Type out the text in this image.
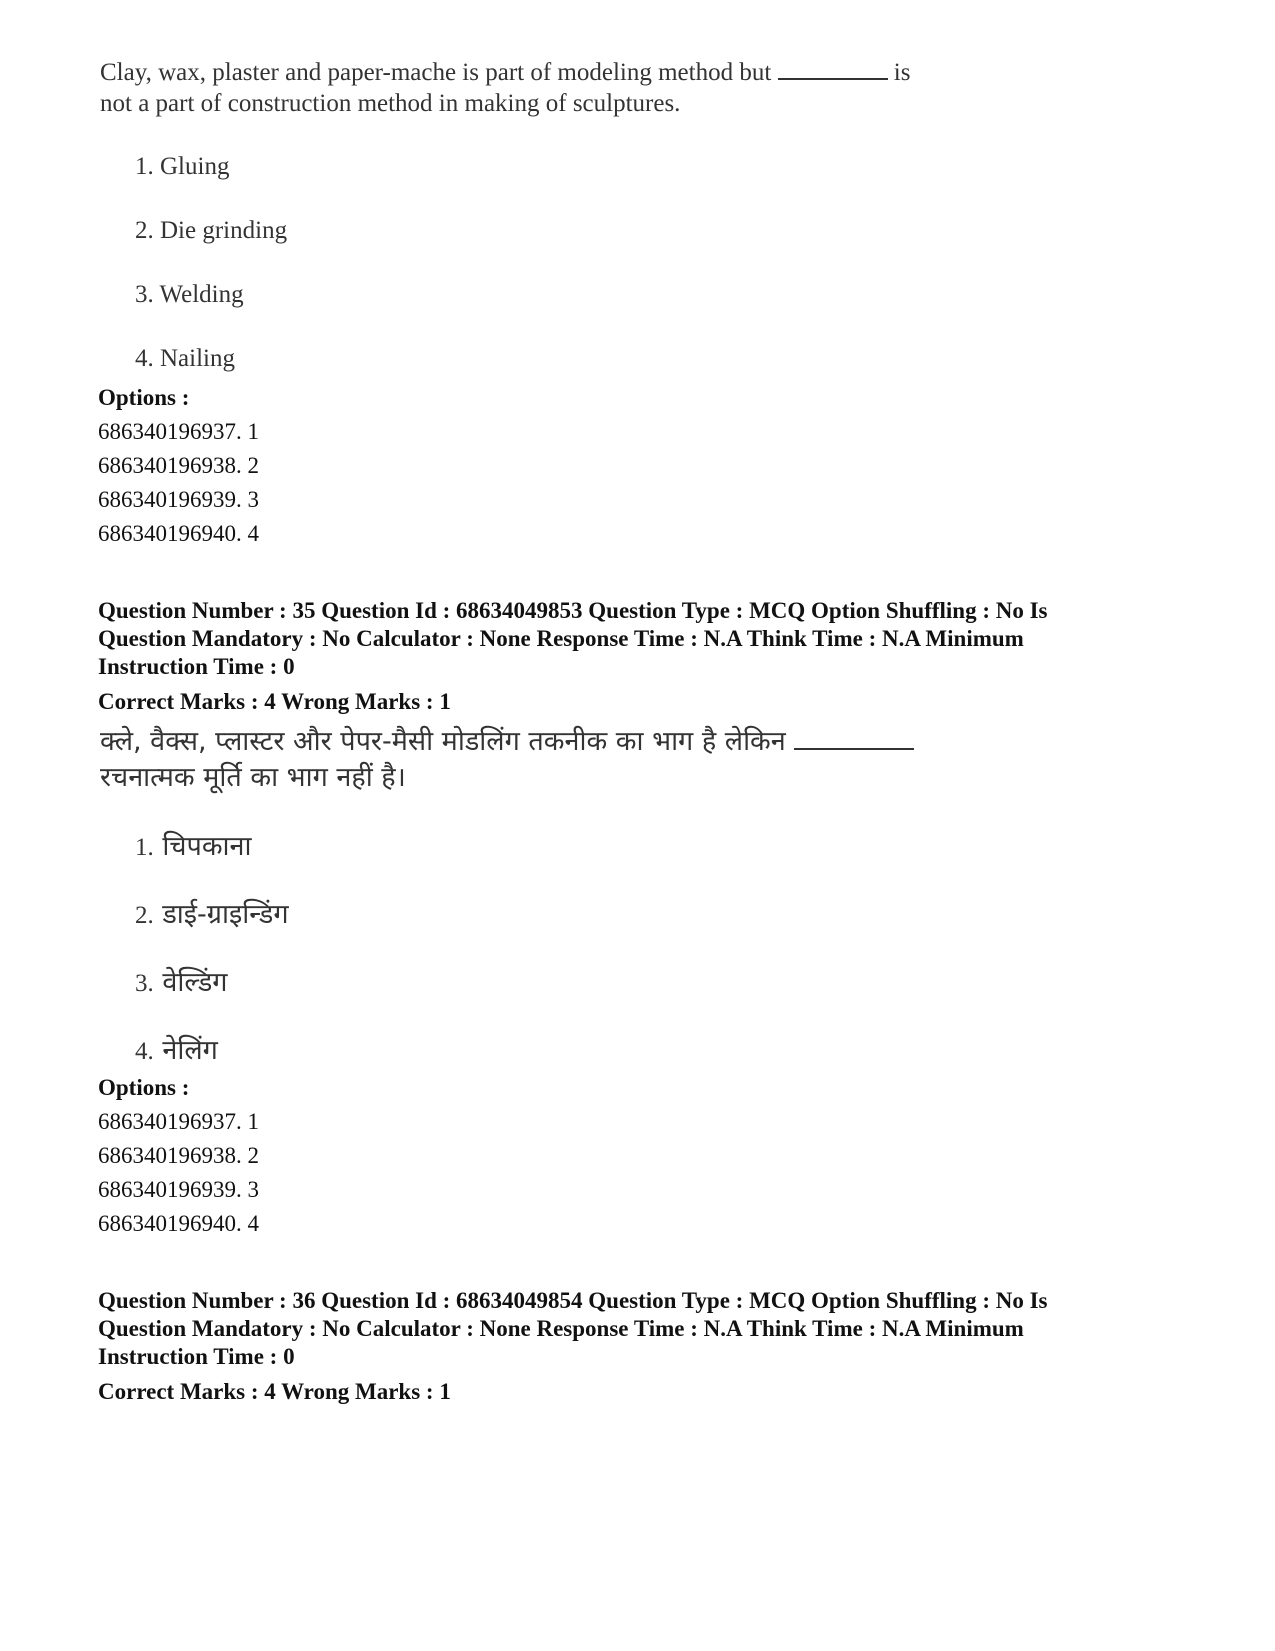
Clay, wax, plaster and paper-mache is part of modeling method but	is
not a part of construction method in making of sculptures.
1. Gluing
2. Die grinding
3. Welding
4. Nailing
Options :
686340196937. 1
686340196938. 2
686340196939. 3
686340196940. 4
Question Number : 35 Question Id : 68634049853 Question Type : MCQ Option Shuffling : No Is
Question Mandatory : No Calculator : None Response Time : N.A Think Time : N.A Minimum
Instruction Time : 0
Correct Marks : 4 Wrong Marks : 1
क्ले, वैक्स, प्लास्टर और पेपर-मैसी मोडलिंग तकनीक का भाग है लेकिन
रचनात्मक मूर्ति का भाग नहीं है।
1. चिपकाना
2. डाई-ग्राइन्डिंग
3. वेल्डिंग
4. नेलिंग
Options :
686340196937. 1
686340196938. 2
686340196939. 3
686340196940. 4
Question Number : 36 Question Id : 68634049854 Question Type : MCQ Option Shuffling : No Is
Question Mandatory : No Calculator : None Response Time : N.A Think Time : N.A Minimum
Instruction Time : 0
Correct Marks : 4 Wrong Marks : 1
